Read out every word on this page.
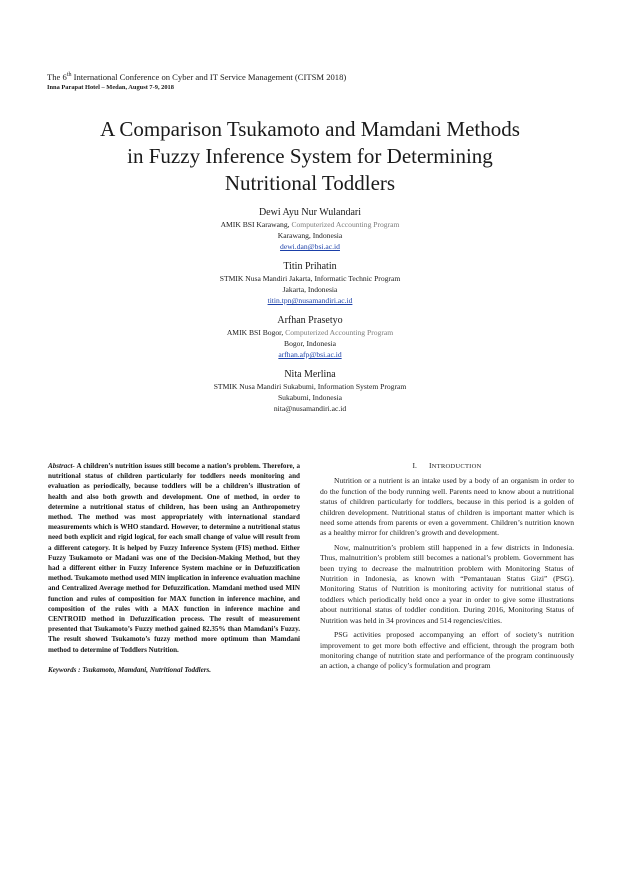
The 6th International Conference on Cyber and IT Service Management (CITSM 2018)
Inna Parapat Hotel – Medan, August 7-9, 2018
A Comparison Tsukamoto and Mamdani Methods
in Fuzzy Inference System for Determining
Nutritional Toddlers
Dewi Ayu Nur Wulandari
AMIK BSI Karawang, Computerized Accounting Program
Karawang, Indonesia
dewi.dan@bsi.ac.id
Titin Prihatin
STMIK Nusa Mandiri Jakarta, Informatic Technic Program
Jakarta, Indonesia
titin.tpn@nusamandiri.ac.id
Arfhan Prasetyo
AMIK BSI Bogor, Computerized Accounting Program
Bogor, Indonesia
arfhan.afp@bsi.ac.id
Nita Merlina
STMIK Nusa Mandiri Sukabumi, Information System Program
Sukabumi, Indonesia
nita@nusamandiri.ac.id

Abstract- A children’s nutrition issues still become a nation’s problem. Therefore, a nutritional status of children particularly for toddlers needs monitoring and evaluation as periodically, because toddlers will be a children’s illustration of health and also both growth and development. One of method, in order to determine a nutritional status of children, has been using an Anthropometry method. The method was most appropriately with international standard measurements which is WHO standard. However, to determine a nutritional status need both explicit and rigid logical, for each small change of value will result from a different category. It is helped by Fuzzy Inference System (FIS) method. Either Fuzzy Tsukamoto or Madani was one of the Decision-Making Method, but they had a different either in Fuzzy Inference System machine or in Defuzzification method. Tsukamoto method used MIN implication in inference evaluation machine and Centralized Average method for Defuzzification. Mamdani method used MIN function and rules of composition for MAX function in inference machine, and composition of the rules with a MAX function in inference machine and CENTROID method in Defuzzification process. The result of measurement presented that Tsukamoto’s Fuzzy method gained 82.35% than Mamdani’s Fuzzy. The result showed Tsukamoto’s fuzzy method more optimum than Mamdani method to determine of Toddlers Nutrition.

Keywords : Tsukamoto, Mamdani, Nutritional Toddlers.

I. INTRODUCTION

Nutrition or a nutrient is an intake used by a body of an organism in order to do the function of the body running well. Parents need to know about a nutritional status of children particularly for toddlers, because in this period is a golden of children development. Nutritional status of children is important matter which is need some attends from parents or even a government. Children’s nutrition known as a healthy mirror for children’s growth and development.

Now, malnutrition’s problem still happened in a few districts in Indonesia. Thus, malnutrition’s problem still becomes a national’s problem. Government has been trying to decrease the malnutrition problem with Monitoring Status of Nutrition in Indonesia, as known with “Pemantauan Status Gizi” (PSG). Monitoring Status of Nutrition is monitoring activity for nutritional status of toddlers which periodically held once a year in order to give some illustrations about nutritional status of toddler condition. During 2016, Monitoring Status of Nutrition was held in 34 provinces and 514 regencies/cities.

PSG activities proposed accompanying an effort of society’s nutrition improvement to get more both effective and efficient, through the program both monitoring change of nutrition state and performance of the program continuously an action, a change of policy’s formulation and program
